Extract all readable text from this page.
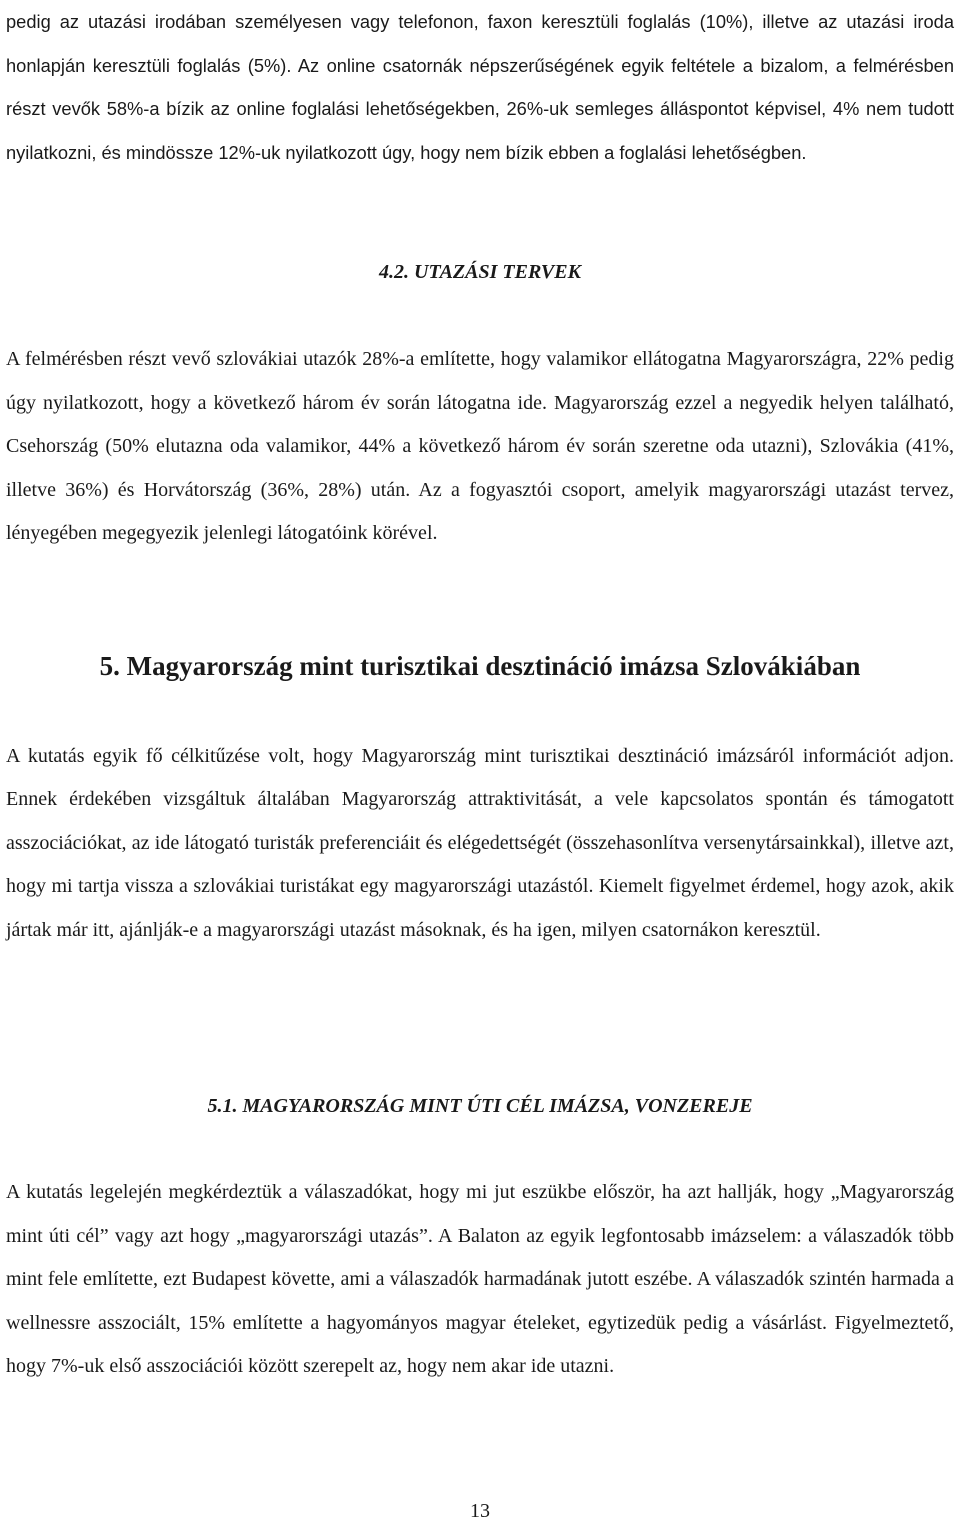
pedig az utazási irodában személyesen vagy telefonon, faxon keresztüli foglalás (10%), illetve az utazási iroda honlapján keresztüli foglalás (5%). Az online csatornák népszerűségének egyik feltétele a bizalom, a felmérésben részt vevők 58%-a bízik az online foglalási lehetőségekben, 26%-uk semleges álláspontot képvisel, 4% nem tudott nyilatkozni, és mindössze 12%-uk nyilatkozott úgy, hogy nem bízik ebben a foglalási lehetőségben.

4.2. UTAZÁSI TERVEK

A felmérésben részt vevő szlovákiai utazók 28%-a említette, hogy valamikor ellátogatna Magyarországra, 22% pedig úgy nyilatkozott, hogy a következő három év során látogatna ide. Magyarország ezzel a negyedik helyen található, Csehország (50% elutazna oda valamikor, 44% a következő három év során szeretne oda utazni), Szlovákia (41%, illetve 36%) és Horvátország (36%, 28%) után. Az a fogyasztói csoport, amelyik magyarországi utazást tervez, lényegében megegyezik jelenlegi látogatóink körével.

5. Magyarország mint turisztikai desztináció imázsa Szlovákiában

A kutatás egyik fő célkitűzése volt, hogy Magyarország mint turisztikai desztináció imázsáról információt adjon. Ennek érdekében vizsgáltuk általában Magyarország attraktivitását, a vele kapcsolatos spontán és támogatott asszociációkat, az ide látogató turisták preferenciáit és elégedettségét (összehasonlítva versenytársainkkal), illetve azt, hogy mi tartja vissza a szlovákiai turistákat egy magyarországi utazástól. Kiemelt figyelmet érdemel, hogy azok, akik jártak már itt, ajánlják-e a magyarországi utazást másoknak, és ha igen, milyen csatornákon keresztül.

5.1. MAGYARORSZÁG MINT ÚTI CÉL IMÁZSA, VONZEREJE

A kutatás legelején megkérdeztük a válaszadókat, hogy mi jut eszükbe először, ha azt hallják, hogy „Magyarország mint úti cél” vagy azt hogy „magyarországi utazás”. A Balaton az egyik legfontosabb imázselem: a válaszadók több mint fele említette, ezt Budapest követte, ami a válaszadók harmadának jutott eszébe. A válaszadók szintén harmada a wellnessre asszociált, 15% említette a hagyományos magyar ételeket, egytizedük pedig a vásárlást. Figyelmeztető, hogy 7%-uk első asszociációi között szerepelt az, hogy nem akar ide utazni.

13
